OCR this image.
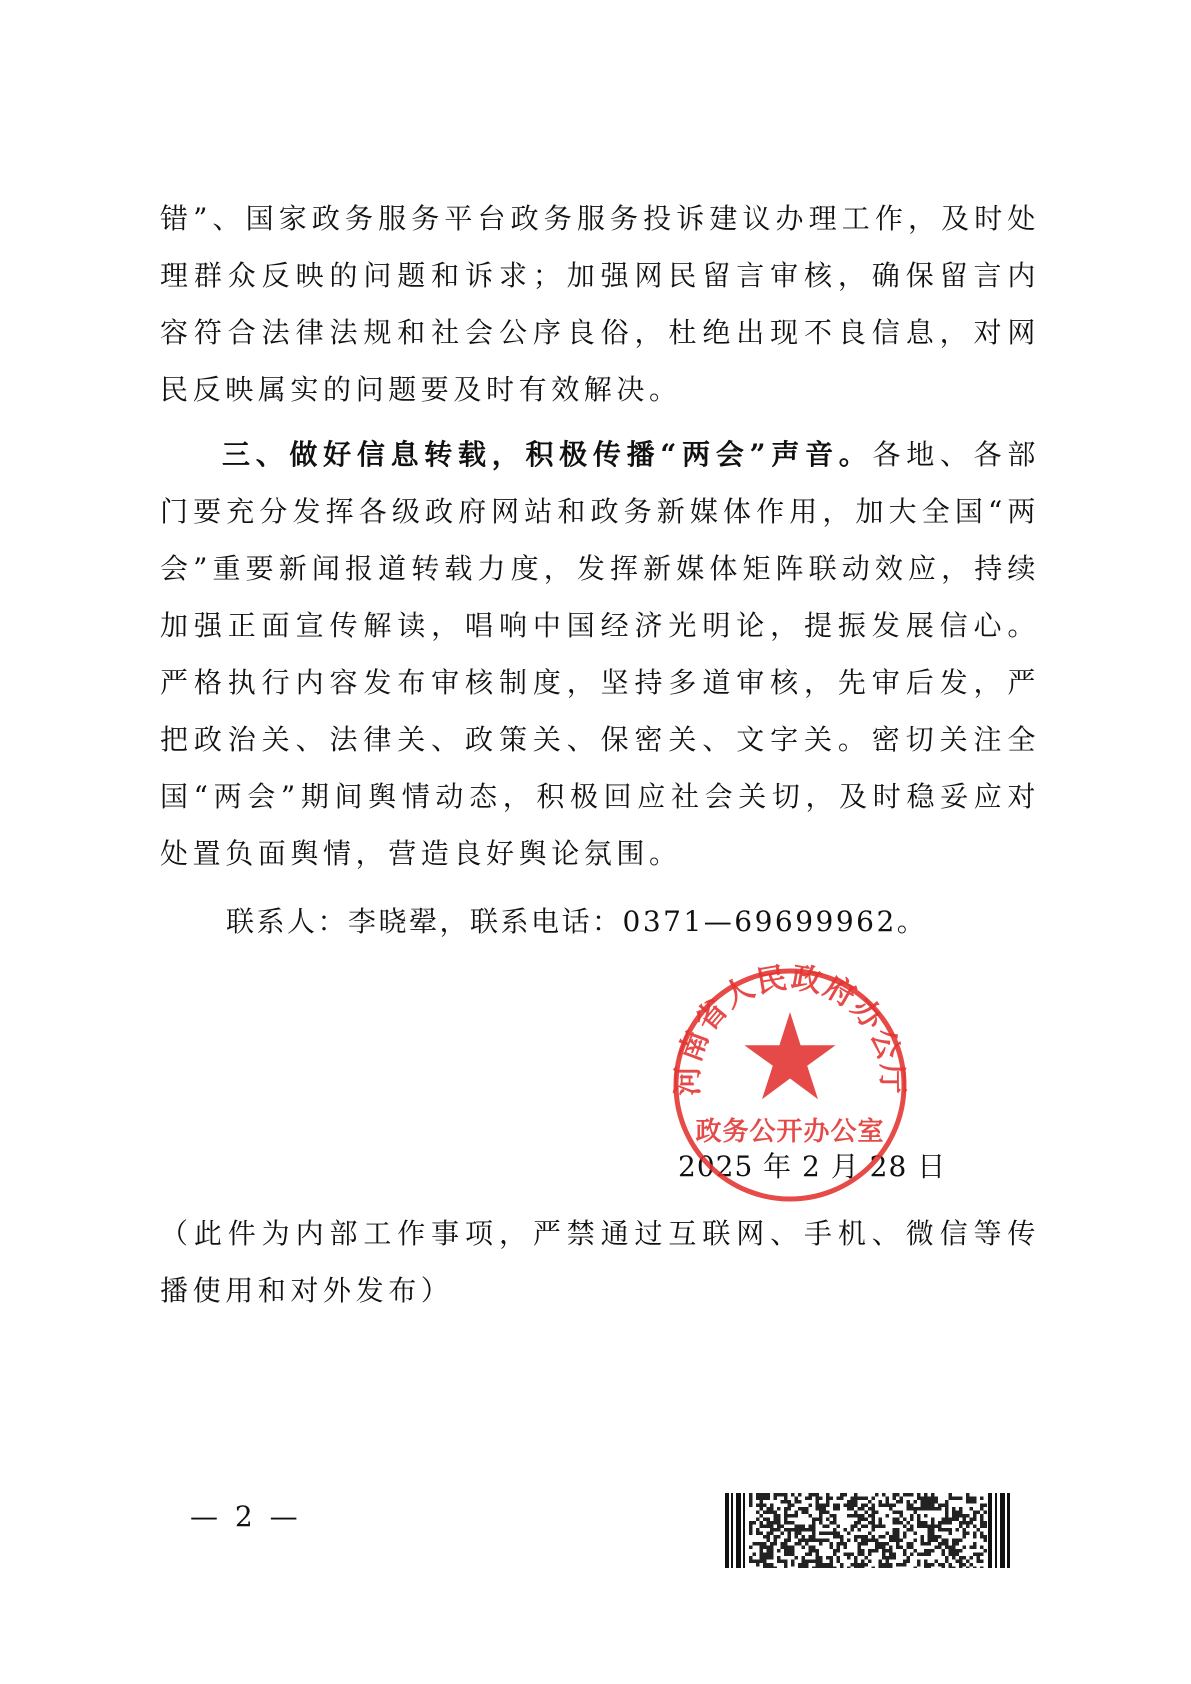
错”、国家政务服务平台政务服务投诉建议办理工作，及时处理群众反映的问题和诉求；加强网民留言审核，确保留言内容符合法律法规和社会公序良俗，杜绝出现不良信息，对网民反映属实的问题要及时有效解决。
三、做好信息转载，积极传播“两会”声音。各地、各部门要充分发挥各级政府网站和政务新媒体作用，加大全国“两会”重要新闻报道转载力度，发挥新媒体矩阵联动效应，持续加强正面宣传解读，唱响中国经济光明论，提振发展信心。严格执行内容发布审核制度，坚持多道审核，先审后发，严把政治关、法律关、政策关、保密关、文字关。密切关注全国“两会”期间舆情动态，积极回应社会关切，及时稳妥应对处置负面舆情，营造良好舆论氛围。
联系人：李晓翚，联系电话：0371—69699962。
2025 年 2 月 28 日
河南省人民政府办公厅
政务公开办公室
（此件为内部工作事项，严禁通过互联网、手机、微信等传播使用和对外发布）
— 2 —
